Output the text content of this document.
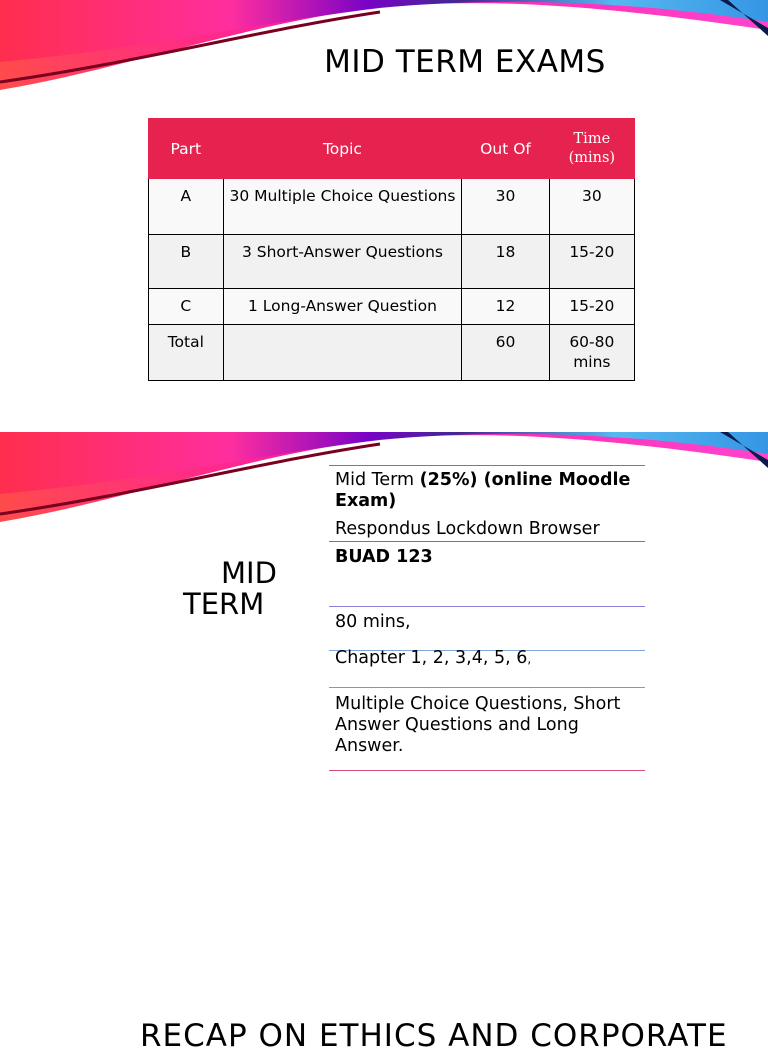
MID TERM EXAMS
Part	Topic	Out Of	Time
(mins)
A	30 Multiple Choice Questions	30	30
B	3 Short-Answer Questions	18	15-20
C	1 Long-Answer Question	12	15-20
Total		60	60-80 mins
MID
TERM
Mid Term (25%) (online Moodle Exam)
Respondus Lockdown Browser
BUAD 123
80 mins,
Chapter 1, 2, 3,4, 5, 6,
Multiple Choice Questions, Short Answer Questions and Long Answer.
RECAP ON ETHICS AND CORPORATE
